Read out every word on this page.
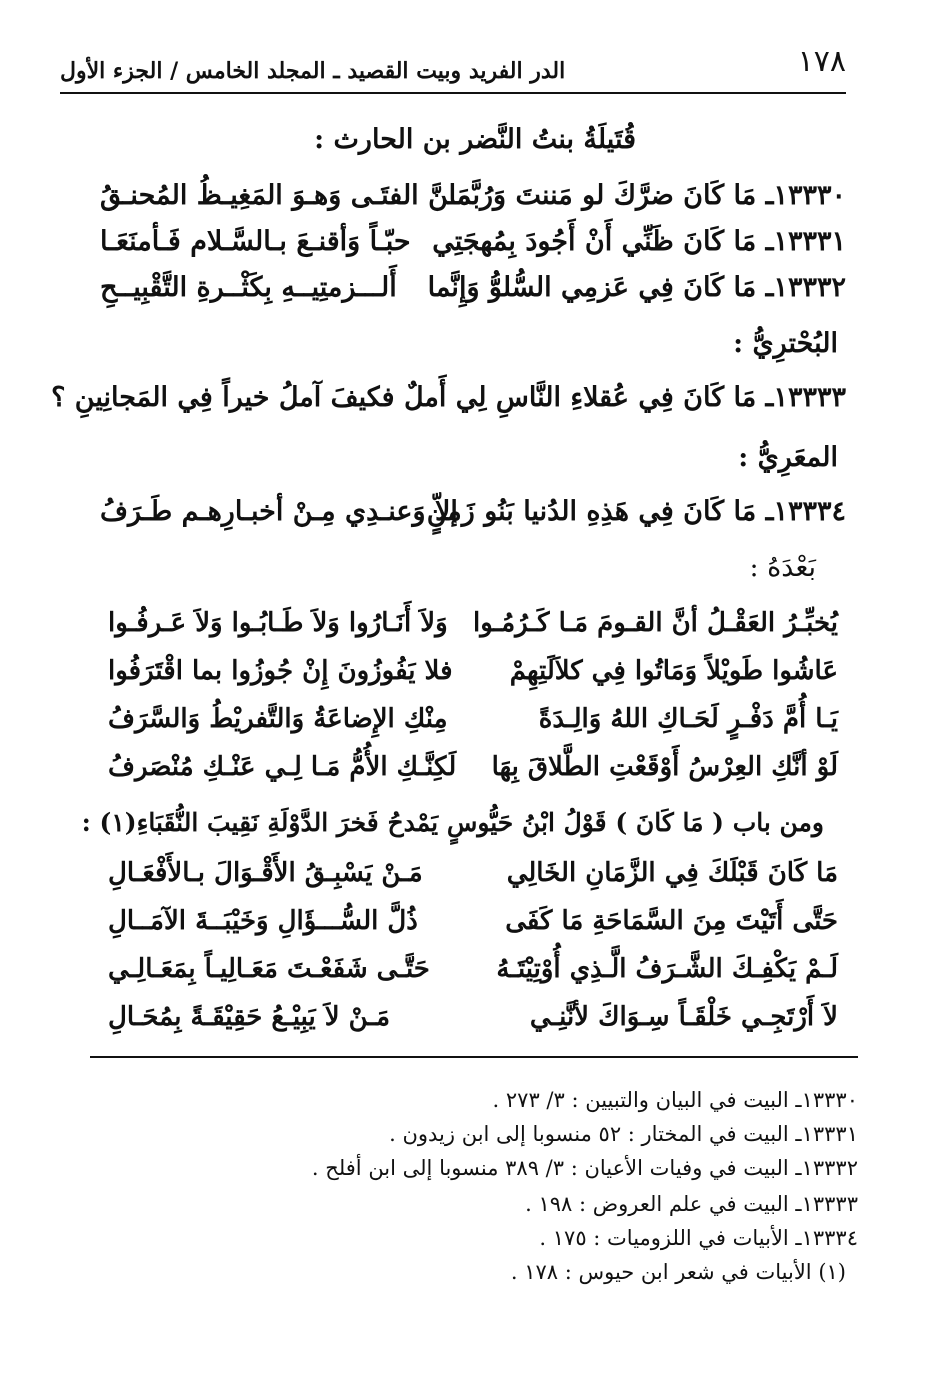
١٧٨
الدر الفريد وبيت القصيد ـ المجلد الخامس / الجزء الأول
قُتَيلَةُ بنتُ النَّضر بن الحارث :
١٣٣٣٠ـ مَا كَانَ ضرَّكَ لو مَننتَ وَرُبَّما
مَـنَّ الفتَـى وَهـوَ المَغِيـظُ المُحنـقُ
١٣٣٣١ـ مَا كَانَ ظَنِّي أَنْ أَجُودَ بِمُهجَتِي
حبّـاً وَأقنـعَ بـالسَّـلام فَـأمنَعَـا
١٣٣٣٢ـ مَا كَانَ فِي عَزمِي السُّلوُّ وَإِنَّما
أَلـــزمتِيــهِ بِكَثْــرةِ التَّقْبِيــحِ
البُحْترِيُّ :
١٣٣٣٣ـ مَا كَانَ فِي عُقلاءِ النَّاسِ لِي أَملٌ فكيفَ آملُ خيراً فِي المَجانِينِ ؟
المعَرِيُّ :
١٣٣٣٤ـ مَا كَانَ فِي هَذِهِ الدُنيا بَنُو زَمنٍ
إلاّ وَعنـدِي مِـنْ أخبـارِهـم طَـرَفُ
بَعْدَهُ :
يُخبِّـرُ العَقْـلُ أنَّ القـومَ مَـا كَـرُمُـوا
وَلاَ أَنَـارُوا وَلاَ طَـابُـوا وَلاَ عَـرفُـوا
عَاشُوا طَويْلاً وَمَاتُوا فِي كلاَلَتِهِمْ
فلا يَفُوزُونَ إِنْ جُوزُوا بما اقْتَرَفُوا
يَـا أُمَّ دَفْـرٍ لَحَـاكِ اللهُ وَالِـدَةً
مِنْكِ الإِضاعَةُ وَالتَّفريْطُ وَالسَّرَفُ
لَوْ أنَّكِ العِرْسُ أَوْقَعْتِ الطَّلاقَ بِهَا
لَكِنَّـكِ الأُمُّ مَـا لِـي عَنْـكِ مُنْصَرفُ
ومن باب ( مَا كَانَ ) قَوْلُ ابْنُ حَيُّوسٍ يَمْدحُ فَخرَ الدَّوْلَةِ نَقِيبَ النُّقَبَاءِ(١) :
مَا كَانَ قَبْلَكَ فِي الزَّمَانِ الخَالِي
مَـنْ يَسْبِـقُ الأَقْـوَالَ بـالأَفْعَـالِ
حَتَّى أَتَيْتَ مِنَ السَّمَاحَةِ مَا كَفَى
ذُلَّ السُّـــؤَالِ وَخَيْبَــةَ الآمَــالِ
لَـمْ يَكْفِـكَ الشَّـرَفُ الَّـذِي أُوْتِيْتَـهُ
حَتَّـى شَفَعْـتَ مَعَـالِيـاً بِمَعَـالِـي
لاَ أَرْتَجِـي خَلْقَـاً سِـوَاكَ لأنَّنِـي
مَـنْ لاَ يَبِيْـعُ حَقِيْقَـةً بِمُحَـالِ
١٣٣٣٠ـ البيت في البيان والتبيين : ٣/ ٢٧٣ .
١٣٣٣١ـ البيت في المختار : ٥٢ منسوبا إلى ابن زيدون .
١٣٣٣٢ـ البيت في وفيات الأعيان : ٣/ ٣٨٩ منسوبا إلى ابن أفلح .
١٣٣٣٣ـ البيت في علم العروض : ١٩٨ .
١٣٣٣٤ـ الأبيات في اللزوميات : ١٧٥ .
(١) الأبيات في شعر ابن حيوس : ١٧٨ .
